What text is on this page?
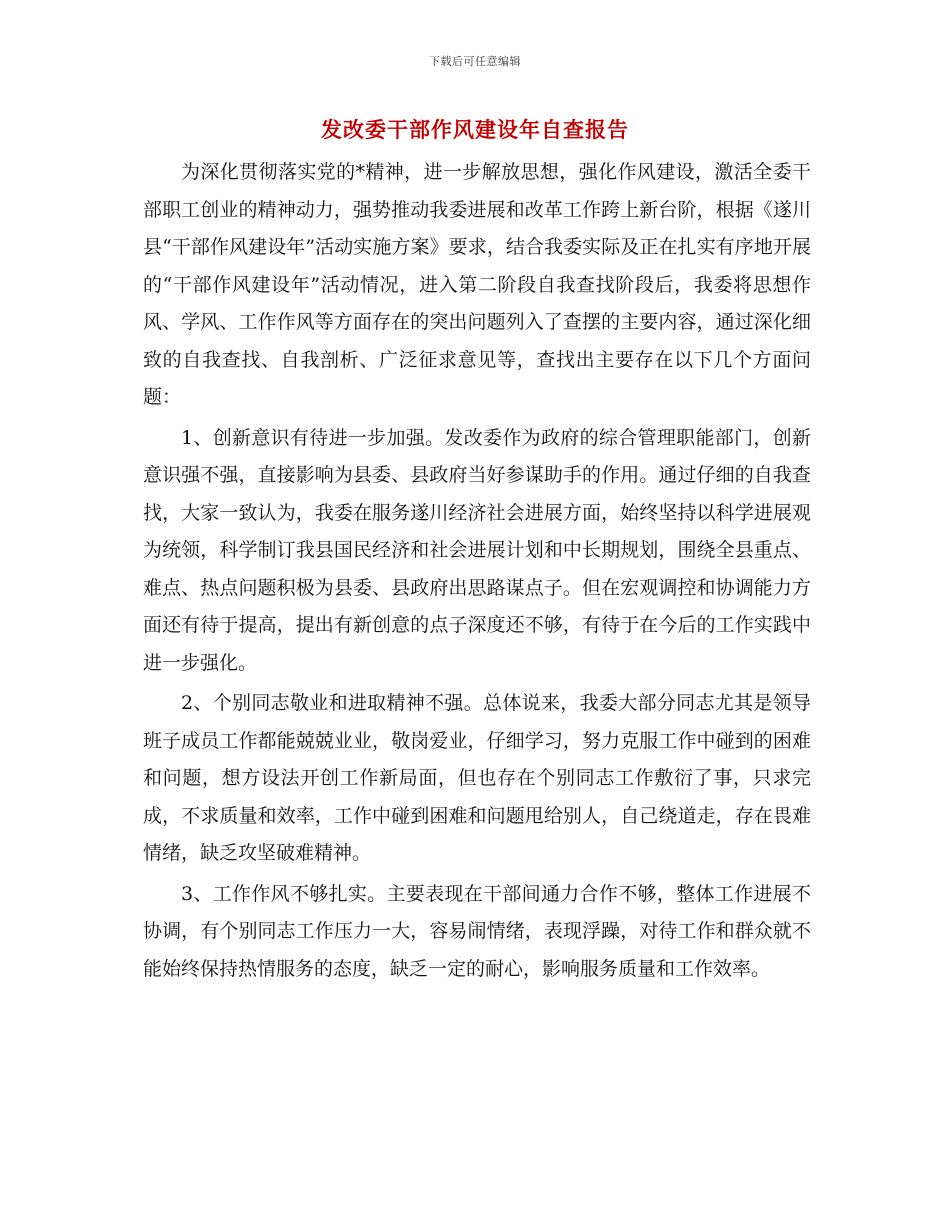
下载后可任意编辑
发改委干部作风建设年自查报告

为深化贯彻落实党的*精神，进一步解放思想，强化作风建设，激活全委干部职工创业的精神动力，强势推动我委进展和改革工作跨上新台阶，根据《遂川县“干部作风建设年”活动实施方案》要求，结合我委实际及正在扎实有序地开展的“干部作风建设年”活动情况，进入第二阶段自我查找阶段后，我委将思想作风、学风、工作作风等方面存在的突出问题列入了查摆的主要内容，通过深化细致的自我查找、自我剖析、广泛征求意见等，查找出主要存在以下几个方面问题：

1、创新意识有待进一步加强。发改委作为政府的综合管理职能部门，创新意识强不强，直接影响为县委、县政府当好参谋助手的作用。通过仔细的自我查找，大家一致认为，我委在服务遂川经济社会进展方面，始终坚持以科学进展观为统领，科学制订我县国民经济和社会进展计划和中长期规划，围绕全县重点、难点、热点问题积极为县委、县政府出思路谋点子。但在宏观调控和协调能力方面还有待于提高，提出有新创意的点子深度还不够，有待于在今后的工作实践中进一步强化。

2、个别同志敬业和进取精神不强。总体说来，我委大部分同志尤其是领导班子成员工作都能兢兢业业，敬岗爱业，仔细学习，努力克服工作中碰到的困难和问题，想方设法开创工作新局面，但也存在个别同志工作敷衍了事，只求完成，不求质量和效率，工作中碰到困难和问题甩给别人，自己绕道走，存在畏难情绪，缺乏攻坚破难精神。

3、工作作风不够扎实。主要表现在干部间通力合作不够，整体工作进展不协调，有个别同志工作压力一大，容易闹情绪，表现浮躁，对待工作和群众就不能始终保持热情服务的态度，缺乏一定的耐心，影响服务质量和工作效率。
